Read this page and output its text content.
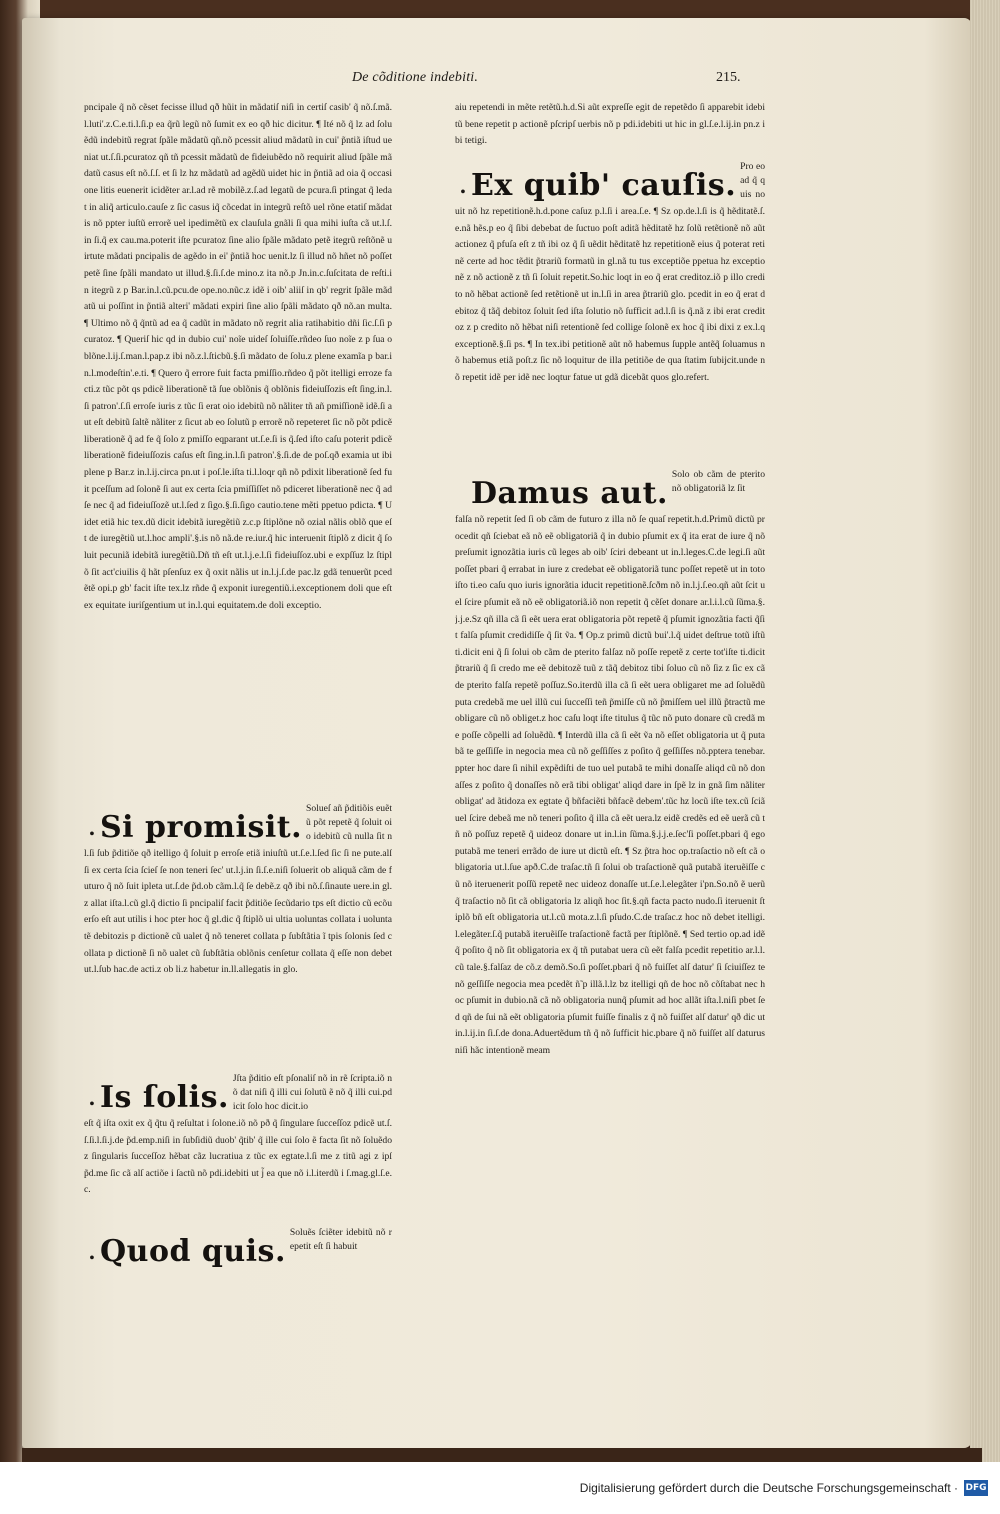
De cõditione indebiti.	215.

pncipale q̃ nõ cẽset fecisse illud qð hũit in mãdatiſ niſi in certiſ casib' q̃ nõ.ſ.mã.l.luti'.z.C.e.ti.l.ſi.p ea q̃rũ legũ nõ ſumit ex eo qð hic dicitur. ¶ Ité nõ q̃ lz ad ſoluẽdũ indebitũ regrat ſpãle mãdatũ qñ.nõ pcessit aliud mãdatũ in cui' p̃ntiã iſtud ueniat ut.ſ.ſi.pcuratoz qñ tñ pcessit mãdatũ de fideiubẽdo nõ requirit aliud ſpãle mãdatũ casus eſt nõ.ſ.ſ. et ſi lz hz mãdatũ ad agẽdũ uidet hic in p̃ntiã ad oia q̃ occasione litis euenerit icidẽter ar.l.ad rẽ mobilẽ.z.ſ.ad legatũ de pcura.ſi ptingat q̃ ledat in aliq̃ articulo.cauſe z ſic casus iq̃ cõcedat in integrũ reſtõ uel rõne etatiſ mãdatis nõ ppter iuſtũ errorẽ uel ipedimẽtũ ex clauſula gnãli ſi qua mihi iuſta cã ut.l.ſ. in ſi.q̃ ex cau.ma.poterit iſte pcuratoz ſine alio ſpãle mãdato petẽ itegrũ reſtõnẽ uirtute mãdati pncipalis de agẽdo in ei' p̃ntiã hoc uenit.lz ſi illud nõ hñet nõ poſſet petẽ ſine ſpãli mandato ut illud.§.ſi.ſ.de mino.z ita nõ.p Jn.in.c.ſuſcitata de reſti.in itegrũ z p Bar.in.l.cũ.pcu.de ope.no.nũc.z idẽ i oib' aliiſ in qb' regrit ſpãle mãdatũ ui poſſint in p̃ntiã alteri' mãdati expiri ſine alio ſpãli mãdato qð nõ.an multa. ¶ Ultimo nõ q̃ q̃ntũ ad ea q̃ cadũt in mãdato nõ regrit alia ratihabitio dñi ſic.ſ.ſi pcuratoz. ¶ Queriſ hic qd in dubio cui' noĩe uideſ ſoluiſſe.rñdeo ſuo noĩe z p ſua oblõne.l.ij.ſ.man.l.pap.z ibi nõ.z.l.ſticbũ.§.ſi mãdato de ſolu.z plene examĩa p bar.in.l.modeſtin'.e.ti. ¶ Quero q̃ errore fuit facta pmiſſio.rñdeo q̃ põt itelligi erroze facti.z tũc põt qs pdicẽ liberationẽ tã ſue oblõnis q̃ oblõnis fideiuſſozis eſt ſing.in.l.ſi patron'.ſ.ſi erroſe iuris z tũc ſi erat oio idebitũ nõ nãliter tñ añ pmiſſionẽ idẽ.ſi aut eſt debitũ ſaltẽ nãliter z ſicut ab eo ſolutũ p errorẽ nõ repeteret ſic nõ põt pdicẽ liberationẽ q̃ ad fe q̃ ſolo z pmiſſo eqparant ut.ſ.e.ſi is q̃.ſed iſto caſu poterit pdicẽ liberationẽ fideiuſſozis caſus eſt ſing.in.l.ſi patron'.§.ſi.de de poſ.qð examia ut ibi plene p Bar.z in.l.ij.circa pn.ut i poſ.le.iſta ti.l.loqr qñ nõ pdixit liberationẽ ſed fuit pceſſum ad ſolonẽ ſi aut ex certa ſcia pmiſſiſſet nõ pdiceret liberationẽ nec q̃ ad ſe nec q̃ ad fideiuſſozẽ ut.l.ſed z ſigo.§.ſi.ſigo cautio.tene mẽti ppetuo pdicta. ¶ Uidet etiã hic tex.dũ dicit idebitã iuregẽtiũ z.c.p ſtiplõne nõ ozial nãlis oblõ que eſt de iuregẽtiũ ut.l.hoc ampli'.§.is nõ nã.de re.iur.q̃ hic interuenit ſtiplõ z dicit q̃ ſoluit pecuniã idebitã iuregẽtiũ.Dñ tñ eſt ut.l.j.e.l.ſi fideiuſſoz.ubi e expſſuz lz ſtiplõ ſit act'ciuilis q̃ hãt pſenſuz ex q̃ oxit nãlis ut in.l.j.ſ.de pac.lz gdã tenuerũt pcedẽtẽ opi.p gb' facit iſte tex.lz rñde q̃ exponit iuregentiũ.i.exceptionem doli que eſt ex equitate iuriſgentium ut in.l.qui equitatem.de doli exceptio.

• Si promisit.
Solueſ añ p̃ditiõis euẽtũ põt repetẽ q̃ ſoluit oio idebitũ cũ nulla ſit n

l.ſi ſub p̃ditiõe qð itelligo q̃ ſoluit p erroſe etiã iniuſtũ ut.ſ.e.l.ſed ſic ſi ne pute.alſ ſi ex certa ſcia ſcieſ ſe non teneri ſec' ut.l.j.in ſi.ſ.e.niſi ſoluerit ob aliquã cãm de futuro q̃ nõ ſuit ipleta ut.ſ.de p̃d.ob cãm.l.q̃ ſe debẽ.z qð ibi nõ.ſ.ſinaute uere.in gl.z allat iſta.l.cũ gl.q̃ dictio ſi pncipaliſ facit p̃ditiõe ſecũdario tps eſt dictio cũ ecõuerſo eſt aut utilis i hoc pter hoc q̃ gl.dic q̃ ſtiplõ ui ultia uoluntas collata i uoluntatẽ debitozis p dictionẽ cũ ualet q̃ nõ teneret collata p ſubſtãtia ĩ tpis ſolonis ſed collata p dictionẽ ſi nõ ualet cũ ſubſtãtia oblõnis cenſetur collata q̃ eſſe non debet ut.l.ſub hac.de acti.z ob li.z habetur in.ll.allegatis in glo.

• Is ſolis.
Jſta p̃ditio eſt pſonaliſ nõ in rẽ ſcripta.iõ nõ dat niſi q̃ illi cui ſolutũ ẽ nõ q̃ illi cui.pdicit ſolo hoc dicit.io

eſt q̃ iſta oxit ex q̃ q̃tu q̃ reſultat i ſolone.iõ nõ pð q̃ ſingulare ſucceſſoz pdicẽ ut.ſ.ſ.ſi.l.ſi.j.de p̃d.emp.niſi in ſubſidiũ duob' q̃tib' q̃ ille cui ſolo ẽ facta ſit nõ ſoluẽdo z ſingularis ſucceſſoz hẽbat cãz lucratiua z tũc ex egtate.l.ſi me z titũ agi z ipſ p̃d.me ſic cã alſ actiõe i ſactũ nõ pdi.idebiti ut j̃ ea que nõ i.l.iterdũ i ſ.mag.gl.ſ.e.c.

• Quod quis.
Soluẽs ſciẽter idebitũ nõ repetit eſt ſi habuit

aiu repetendi in mẽte retẽtũ.h.d.Si aũt expreſſe egit de repetẽdo ſi apparebit idebitũ bene repetit p actionẽ pſcripſ uerbis nõ p pdi.idebiti ut hic in gl.ſ.e.l.ij.in pn.z ibi tetigi.

• Ex quib' cauſis.
Pro eo ad q̃ quis no

uit nõ hz repetitionẽ.h.d.pone caſuz p.l.ſi i area.ſ.e. ¶ Sz op.de.l.ſi is q̃ hẽditatẽ.ſ.e.nã hẽs.p eo q̃ ſibi debebat de ſuctuo poſt aditã hẽditatẽ hz ſolũ retẽtionẽ nõ aũt actionez q̃ pfuſa eſt z tñ ibi oz q̃ ſi uẽdit hẽditatẽ hz repetitionẽ eius q̃ poterat retinẽ certe ad hoc tẽdit p̃trariũ formatũ in gl.nã tu tus exceptiõe ppetua hz exceptionẽ z nõ actionẽ z tñ ſi ſoluit repetit.So.hic loqt in eo q̃ erat creditoz.iõ p illo credito nõ hẽbat actionẽ ſed retẽtionẽ ut in.l.ſi in area p̃trariũ glo. pcedit in eo q̃ erat debitoz q̃ tãq̃ debitoz ſoluit ſed iſta ſolutio nõ ſufficit ad.l.ſi is q̃.nã z ibi erat creditoz z p credito nõ hẽbat niſi retentionẽ ſed collige ſolonẽ ex hoc q̃ ibi dixi z ex.l.q exceptionẽ.§.ſi ps. ¶ In tex.ibi petitionẽ aũt nõ habemus ſupple antẽq̃ ſoluamus nõ habemus etiã poſt.z ſic nõ loquitur de illa petitiõe de qua ſtatim ſubijcit.unde nõ repetit idẽ per idẽ nec loqtur fatue ut gdã dicebãt quos glo.refert.

Damus aut.
Solo ob cãm de pterito nõ obligatoriã lz ſit

falſa nõ repetit ſed ſi ob cãm de futuro z illa nõ ſe quaſ repetit.h.d.Primũ dictũ procedit qñ ſciebat eã nõ eẽ obligatoriã q̃ in dubio pſumit ex q̃ ita erat de iure q̃ nõ preſumit ignozãtia iuris cũ leges ab oib' ſciri debeant ut in.l.leges.C.de legi.ſi aũt poſſet pbari q̃ errabat in iure z credebat eẽ obligatoriã tunc poſſet repetẽ ut in toto iſto ti.eo caſu quo iuris ignorãtia iducit repetitionẽ.ſcðm nõ in.l.j.ſ.eo.qñ aũt ſcit uel ſcire pſumit eã nõ eẽ obligatoriã.iõ non repetit q̃ cẽſet donare ar.l.i.l.cũ ſũma.§.j.j.e.Sz qñ illa cã ſi eẽt uera erat obligatoria põt repetẽ q̃ pſumit ignozãtia facti q̃ſit falſa pſumit credidiſſe q̃ ſit ṽa. ¶ Op.z primũ dictũ bui'.l.q̃ uidet deſtrue totũ iſtũ ti.dicit eni q̃ ſi ſolui ob cãm de pterito falſaz nõ poſſe repetẽ z certe tot'iſte ti.dicit p̃trariũ q̃ ſi credo me eẽ debitozẽ tuũ z tãq̃ debitoz tibi ſoluo cũ nõ ſiz z ſic ex cã de pterito falſa repetẽ poſſuz.So.iterdũ illa cã ſi eẽt uera obligaret me ad ſoluẽdũ puta credebã me uel illũ cui ſucceſſi teñ p̃miſſe cũ nõ p̃miſſem uel illũ p̃tractũ me obligare cũ nõ obliget.z hoc caſu loqt iſte titulus q̃ tũc nõ puto donare cũ credã me poſſe cõpelli ad ſoluẽdũ. ¶ Interdũ illa cã ſi eẽt ṽa nõ eſſet obligatoria ut q̃ putabã te geſſiſſe in negocia mea cũ nõ geſſiſſes z poſito q̃ geſſiſſes nõ.pptera tenebar.ppter hoc dare ſi nihil expẽdiſti de tuo uel putabã te mihi donaſſe aliqd cũ nõ donaſſes z poſito q̃ donaſſes nõ erã tibi obligat' aliqd dare in ſpẽ lz in gnã ſim nãliter obligat' ad ãtidoza ex egtate q̃ bñfaciẽti bñfacẽ debem'.tũc hz locũ iſte tex.cũ ſciã uel ſcire debeã me nõ teneri poſito q̃ illa cã eẽt uera.lz eidẽ credẽs ed eẽ uerã cũ tñ nõ poſſuz repetẽ q̃ uideoz donare ut in.l.in ſũma.§.j.j.e.ſec'ſi poſſet.pbari q̃ ego putabã me teneri errãdo de iure ut dictũ eſt. ¶ Sz p̃tra hoc op.traſactio nõ eſt cã obligatoria ut.l.ſue apð.C.de traſac.tñ ſi ſolui ob traſactionẽ quã putabã iteruẽiſſe cũ nõ iteruenerit poſſũ repetẽ nec uideoz donaſſe ut.ſ.e.l.elegãter i'pn.So.nõ ẽ uerũ q̃ traſactio nõ ſit cã obligatoria lz aliqñ hoc ſit.§.qñ facta pacto nudo.ſi iteruenit ſtiplõ bñ eſt obligatoria ut.l.cũ mota.z.l.ſi pſudo.C.de traſac.z hoc nõ debet itelligi.l.elegãter.ſ.q̃ putabã iteruẽiſſe traſactionẽ factã per ſtiplõnẽ. ¶ Sed tertio op.ad idẽ q̃ poſito q̃ nõ ſit obligatoria ex q̃ tñ putabat uera cũ eẽt falſa pcedit repetitio ar.l.l.cũ tale.§.falſaz de cõ.z demõ.So.ſi poſſet.pbari q̃ nõ fuiſſet alſ datur' ſi ſciuiſſez te nõ geſſiſſe negocia mea pcedẽt ñ̃ p illã.l.lz bz itelligi qñ de hoc nõ cõſtabat nec hoc pſumit in dubio.nã cã nõ obligatoria nunq̃ pſumit ad hoc allãt iſta.l.niſi pbet ſed qñ de ſui nã eẽt obligatoria pſumit fuiſſe finalis z q̃ nõ fuiſſet alſ datur' qð dic ut in.l.ij.in ſi.ſ.de dona.Aduertẽdum tñ q̃ nõ ſufficit hic.pbare q̃ nõ fuiſſet alſ daturus niſi hãc intentionẽ meam

Digitalisierung gefördert durch die Deutsche Forschungsgemeinschaft · DFG
